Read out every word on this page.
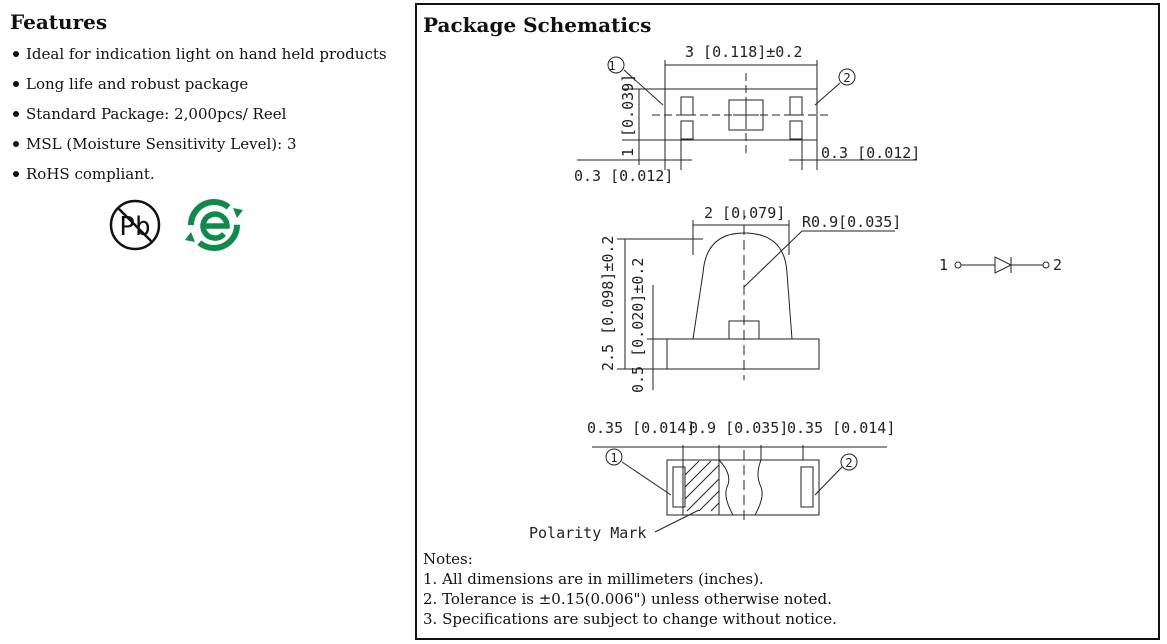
Features
Ideal for indication light on hand held products
Long life and robust package
Standard Package: 2,000pcs/ Reel
MSL (Moisture Sensitivity Level): 3
RoHS compliant.
Pb
Package Schematics
3 [0.118]±0.2
1
2
1
[0.039]
0.3 [0.012]
0.3 [0.012]
2 [0.079] R0.9[0.035]
2.5 [0.098]±0.2 0.5 [0.020]±0.2
0.35 [0.014]
0.9 [0.035]
0.35 [0.014]
1	2
Polarity Mark
1	2
Notes:
1. All dimensions are in millimeters (inches).
2. Tolerance is ±0.15(0.006") unless otherwise noted.
3. Specifications are subject to change without notice.
